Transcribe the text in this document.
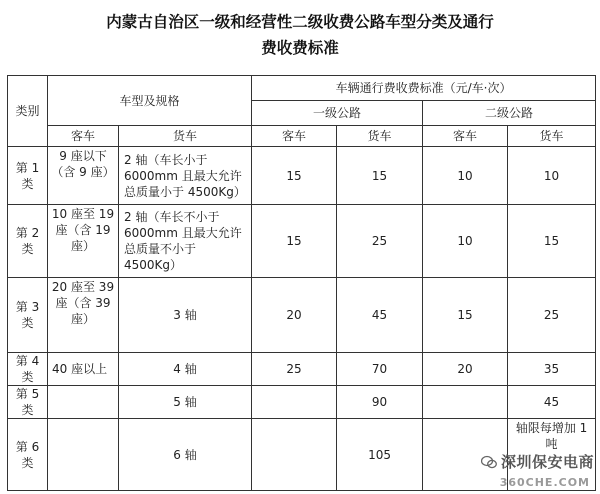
内蒙古自治区一级和经营性二级收费公路车型分类及通行
费收费标准
类别	车型及规格		车辆通行费收费标准（元/车·次）			
			一级公路		二级公路	
	客车	货车	客车	货车	客车	货车
第 1 类	9 座以下（含 9 座）	2 轴（车长小于 6000mm 且最大允许总质量小于 4500Kg）	15	15	10	10
第 2 类	10 座至 19 座（含 19 座）	2 轴（车长不小于 6000mm 且最大允许总质量不小于 4500Kg）	15	25	10	15
第 3 类	20 座至 39 座（含 39 座）	3 轴	20	45	15	25
第 4 类	40 座以上	4 轴	25	70	20	35
第 5 类		5 轴		90		45
第 6 类		6 轴		105		轴限每增加 1 吨
深圳保安电商
360CHE.COM
